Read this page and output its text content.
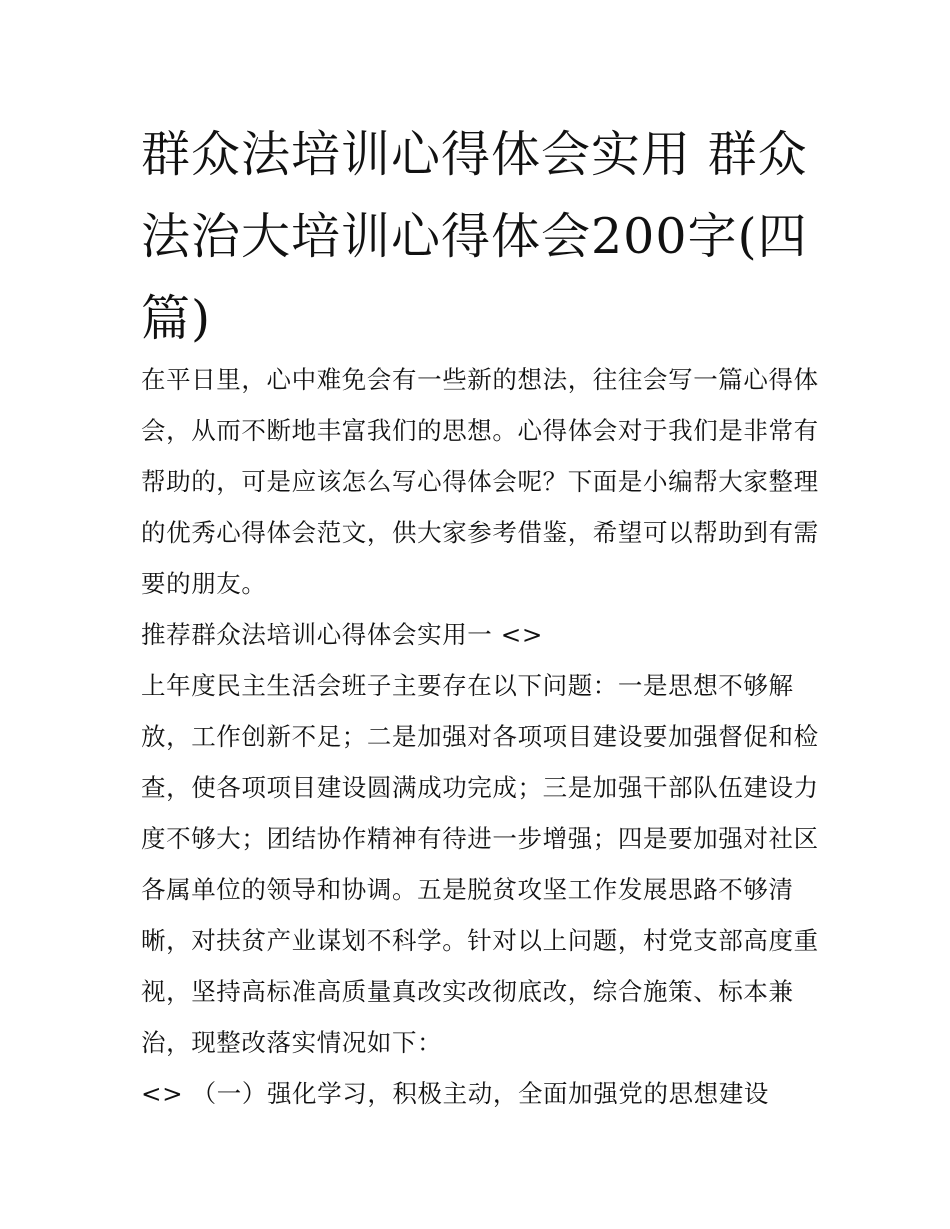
群众法培训心得体会实用 群众法治大培训心得体会200字(四篇)

在平日里，心中难免会有一些新的想法，往往会写一篇心得体会，从而不断地丰富我们的思想。心得体会对于我们是非常有帮助的，可是应该怎么写心得体会呢？下面是小编帮大家整理的优秀心得体会范文，供大家参考借鉴，希望可以帮助到有需要的朋友。

推荐群众法培训心得体会实用一 <>

上年度民主生活会班子主要存在以下问题：一是思想不够解放，工作创新不足；二是加强对各项项目建设要加强督促和检查，使各项项目建设圆满成功完成；三是加强干部队伍建设力度不够大；团结协作精神有待进一步增强；四是要加强对社区各属单位的领导和协调。五是脱贫攻坚工作发展思路不够清晰，对扶贫产业谋划不科学。针对以上问题，村党支部高度重视，坚持高标准高质量真改实改彻底改，综合施策、标本兼治，现整改落实情况如下：

<> （一）强化学习，积极主动，全面加强党的思想建设
